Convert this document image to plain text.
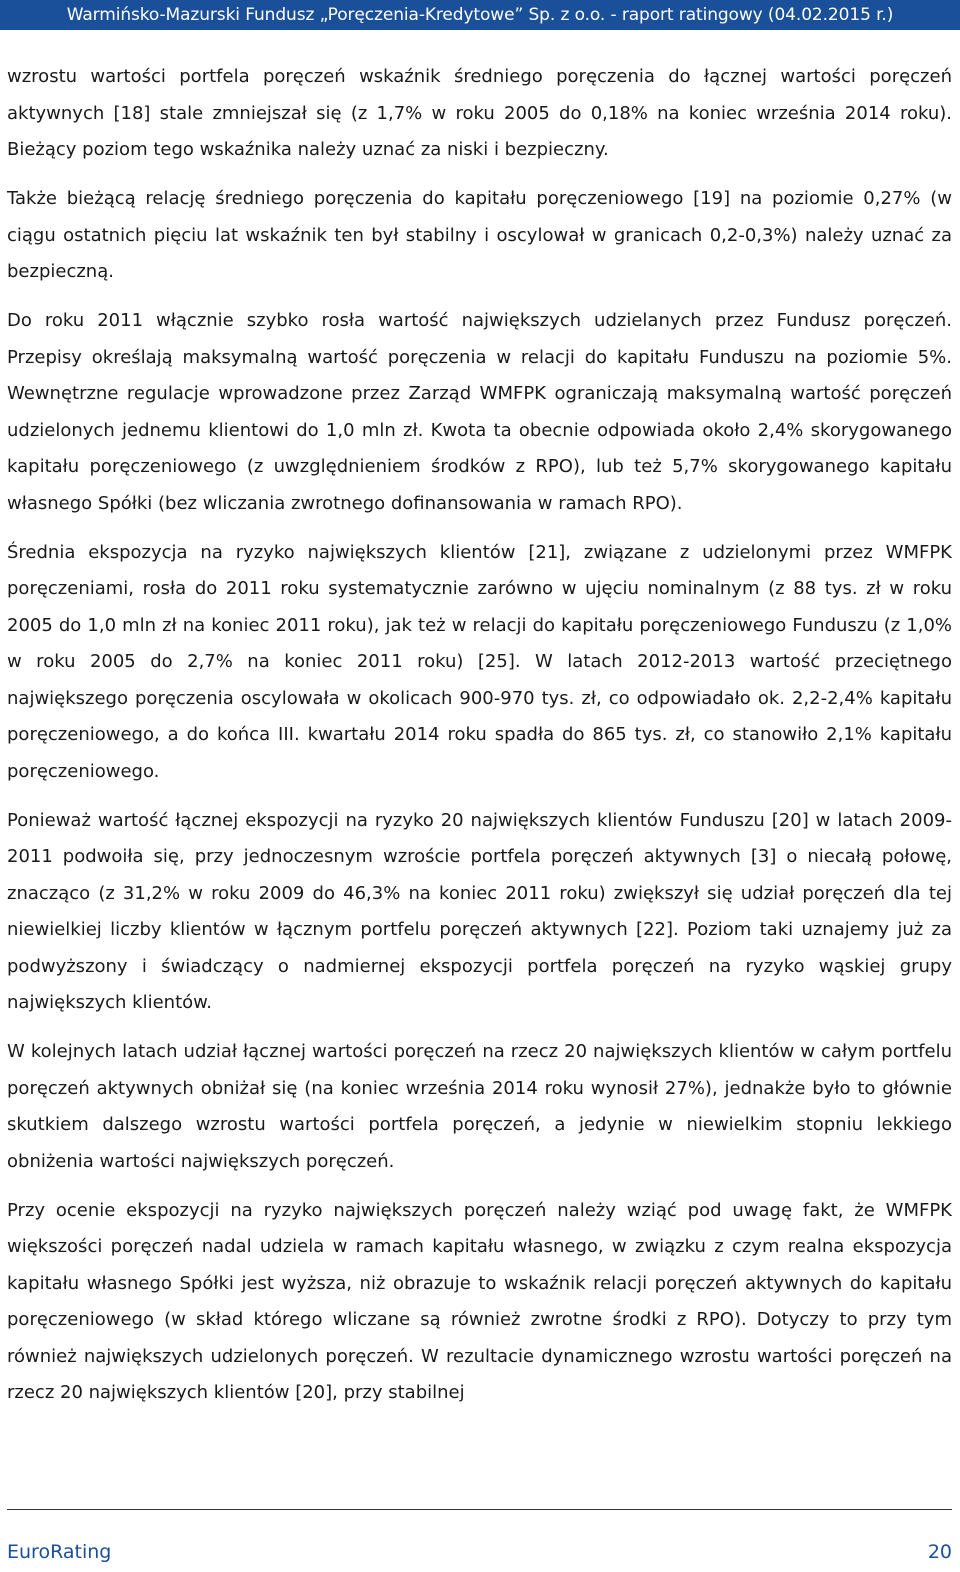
Warmińsko-Mazurski Fundusz „Poręczenia-Kredytowe” Sp. z o.o. - raport ratingowy (04.02.2015 r.)

wzrostu wartości portfela poręczeń wskaźnik średniego poręczenia do łącznej wartości poręczeń aktywnych [18] stale zmniejszał się (z 1,7% w roku 2005 do 0,18% na koniec września 2014 roku). Bieżący poziom tego wskaźnika należy uznać za niski i bezpieczny.

Także bieżącą relację średniego poręczenia do kapitału poręczeniowego [19] na poziomie 0,27% (w ciągu ostatnich pięciu lat wskaźnik ten był stabilny i oscylował w granicach 0,2-0,3%) należy uznać za bezpieczną.

Do roku 2011 włącznie szybko rosła wartość największych udzielanych przez Fundusz poręczeń. Przepisy określają maksymalną wartość poręczenia w relacji do kapitału Funduszu na poziomie 5%. Wewnętrzne regulacje wprowadzone przez Zarząd WMFPK ograniczają maksymalną wartość poręczeń udzielonych jednemu klientowi do 1,0 mln zł. Kwota ta obecnie odpowiada około 2,4% skorygowanego kapitału poręczeniowego (z uwzględnieniem środków z RPO), lub też 5,7% skorygowanego kapitału własnego Spółki (bez wliczania zwrotnego dofinansowania w ramach RPO).

Średnia ekspozycja na ryzyko największych klientów [21], związane z udzielonymi przez WMFPK poręczeniami, rosła do 2011 roku systematycznie zarówno w ujęciu nominalnym (z 88 tys. zł w roku 2005 do 1,0 mln zł na koniec 2011 roku), jak też w relacji do kapitału poręczeniowego Funduszu (z 1,0% w roku 2005 do 2,7% na koniec 2011 roku) [25]. W latach 2012-2013 wartość przeciętnego największego poręczenia oscylowała w okolicach 900-970 tys. zł, co odpowiadało ok. 2,2-2,4% kapitału poręczeniowego, a do końca III. kwartału 2014 roku spadła do 865 tys. zł, co stanowiło 2,1% kapitału poręczeniowego.

Ponieważ wartość łącznej ekspozycji na ryzyko 20 największych klientów Funduszu [20] w latach 2009-2011 podwoiła się, przy jednoczesnym wzroście portfela poręczeń aktywnych [3] o niecałą połowę, znacząco (z 31,2% w roku 2009 do 46,3% na koniec 2011 roku) zwiększył się udział poręczeń dla tej niewielkiej liczby klientów w łącznym portfelu poręczeń aktywnych [22]. Poziom taki uznajemy już za podwyższony i świadczący o nadmiernej ekspozycji portfela poręczeń na ryzyko wąskiej grupy największych klientów.

W kolejnych latach udział łącznej wartości poręczeń na rzecz 20 największych klientów w całym portfelu poręczeń aktywnych obniżał się (na koniec września 2014 roku wynosił 27%), jednakże było to głównie skutkiem dalszego wzrostu wartości portfela poręczeń, a jedynie w niewielkim stopniu lekkiego obniżenia wartości największych poręczeń.

Przy ocenie ekspozycji na ryzyko największych poręczeń należy wziąć pod uwagę fakt, że WMFPK większości poręczeń nadal udziela w ramach kapitału własnego, w związku z czym realna ekspozycja kapitału własnego Spółki jest wyższa, niż obrazuje to wskaźnik relacji poręczeń aktywnych do kapitału poręczeniowego (w skład którego wliczane są również zwrotne środki z RPO). Dotyczy to przy tym również największych udzielonych poręczeń. W rezultacie dynamicznego wzrostu wartości poręczeń na rzecz 20 największych klientów [20], przy stabilnej

EuroRating	20
